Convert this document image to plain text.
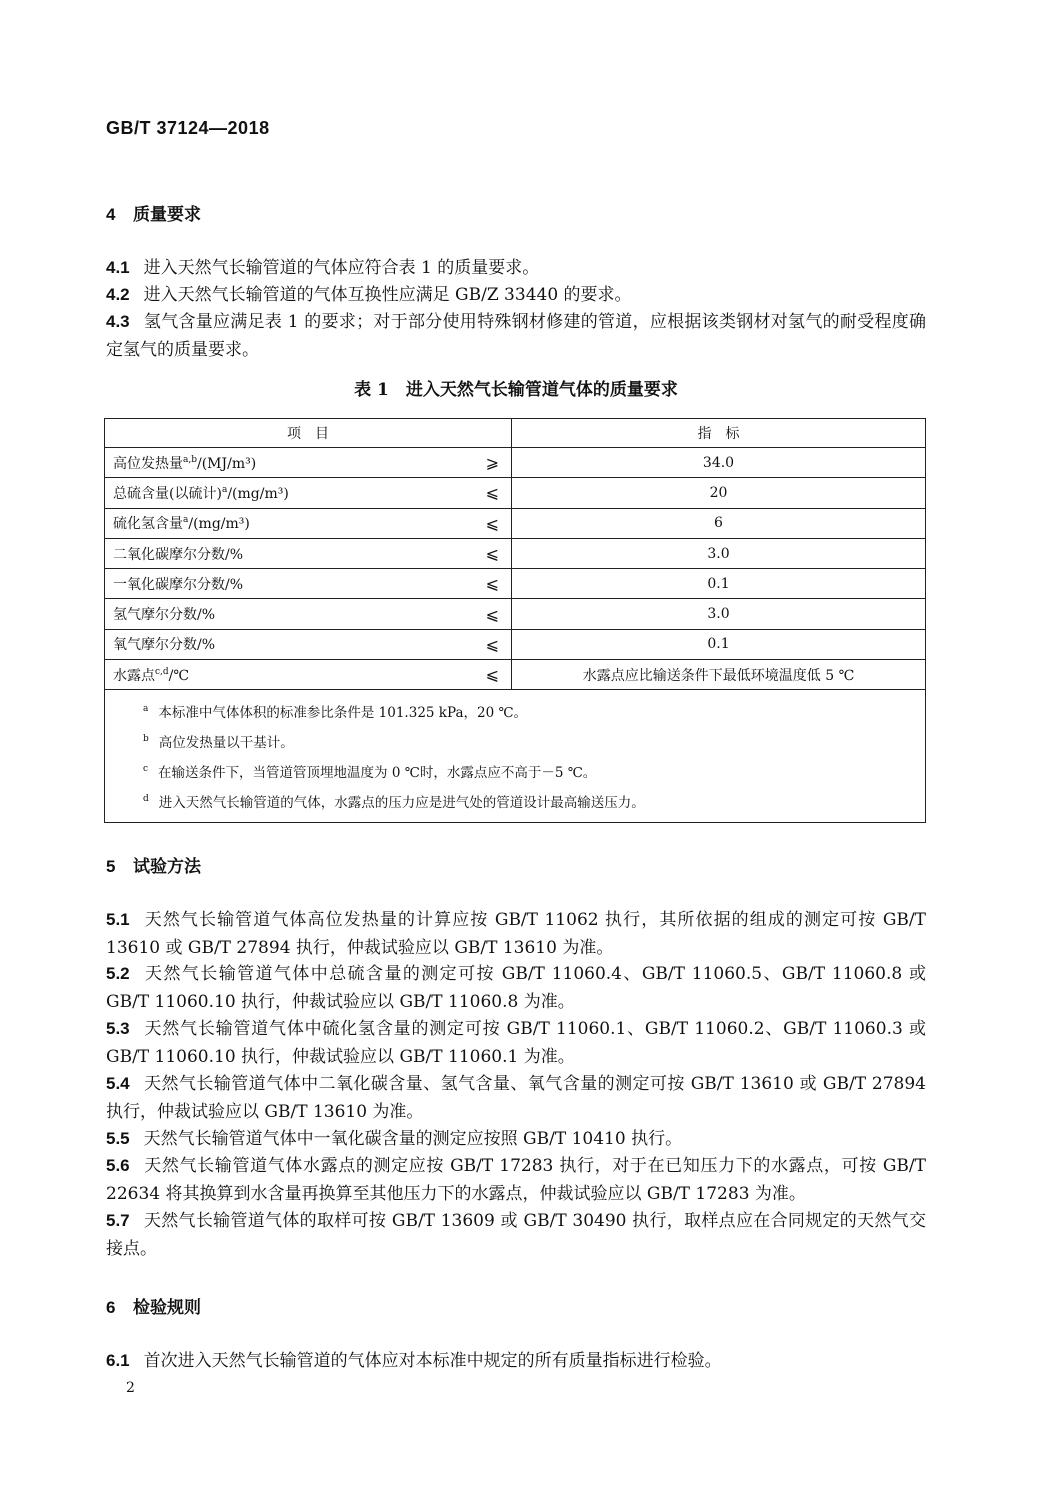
GB/T 37124—2018
4 质量要求
4.1 进入天然气长输管道的气体应符合表 1 的质量要求。
4.2 进入天然气长输管道的气体互换性应满足 GB/Z 33440 的要求。
4.3 氢气含量应满足表 1 的要求；对于部分使用特殊钢材修建的管道，应根据该类钢材对氢气的耐受程度确定氢气的质量要求。
表 1　进入天然气长输管道气体的质量要求
项　目		指　标
高位发热量$^{a,b}$/(MJ/m³)	⩾	34.0
总硫含量(以硫计)$^a$/(mg/m³)	⩽	20
硫化氢含量$^a$/(mg/m³)	⩽	6
二氧化碳摩尔分数/%	⩽	3.0
一氧化碳摩尔分数/%	⩽	0.1
氢气摩尔分数/%	⩽	3.0
氧气摩尔分数/%	⩽	0.1
水露点$^{c,d}$/℃	⩽	水露点应比输送条件下最低环境温度低 5 ℃

$^a$ 本标准中气体体积的标准参比条件是 101.325 kPa，20 ℃。
$^b$ 高位发热量以干基计。
$^c$ 在输送条件下，当管道管顶埋地温度为 0 ℃时，水露点应不高于－5 ℃。
$^d$ 进入天然气长输管道的气体，水露点的压力应是进气处的管道设计最高输送压力。		
5 试验方法
5.1 天然气长输管道气体高位发热量的计算应按 GB/T 11062 执行，其所依据的组成的测定可按 GB/T 13610 或 GB/T 27894 执行，仲裁试验应以 GB/T 13610 为准。
5.2 天然气长输管道气体中总硫含量的测定可按 GB/T 11060.4、GB/T 11060.5、GB/T 11060.8 或 GB/T 11060.10 执行，仲裁试验应以 GB/T 11060.8 为准。
5.3 天然气长输管道气体中硫化氢含量的测定可按 GB/T 11060.1、GB/T 11060.2、GB/T 11060.3 或 GB/T 11060.10 执行，仲裁试验应以 GB/T 11060.1 为准。
5.4 天然气长输管道气体中二氧化碳含量、氢气含量、氧气含量的测定可按 GB/T 13610 或 GB/T 27894 执行，仲裁试验应以 GB/T 13610 为准。
5.5 天然气长输管道气体中一氧化碳含量的测定应按照 GB/T 10410 执行。
5.6 天然气长输管道气体水露点的测定应按 GB/T 17283 执行，对于在已知压力下的水露点，可按 GB/T 22634 将其换算到水含量再换算至其他压力下的水露点，仲裁试验应以 GB/T 17283 为准。
5.7 天然气长输管道气体的取样可按 GB/T 13609 或 GB/T 30490 执行，取样点应在合同规定的天然气交接点。
6 检验规则
6.1 首次进入天然气长输管道的气体应对本标准中规定的所有质量指标进行检验。
2
